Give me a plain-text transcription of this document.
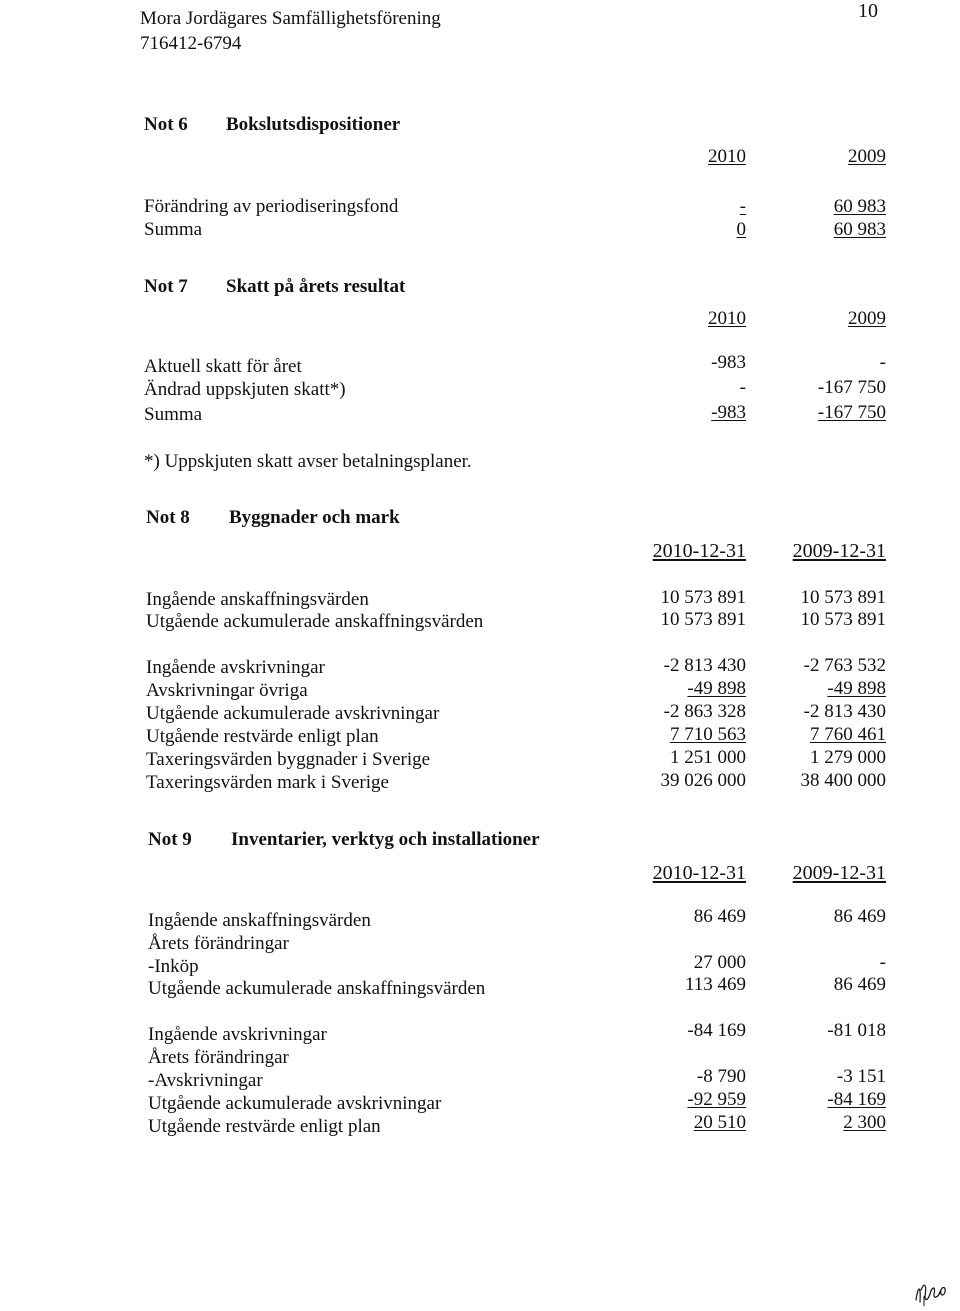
Mora Jordägares Samfällighetsförening
716412-6794
10
Not 6 Bokslutsdispositioner
2010	2009
Förändring av periodiseringsfond	-	60 983
Summa	0	60 983
Not 7 Skatt på årets resultat
2010	2009
Aktuell skatt för året	-983	-
Ändrad uppskjuten skatt*)	-	-167 750
Summa	-983	-167 750
*) Uppskjuten skatt avser betalningsplaner.
Not 8 Byggnader och mark
2010-12-31 2009-12-31
Ingående anskaffningsvärden	10 573 891	10 573 891
Utgående ackumulerade anskaffningsvärden	10 573 891	10 573 891
Ingående avskrivningar	-2 813 430	-2 763 532
Avskrivningar övriga	-49 898	-49 898
Utgående ackumulerade avskrivningar	-2 863 328	-2 813 430
Utgående restvärde enligt plan	7 710 563	7 760 461
Taxeringsvärden byggnader i Sverige	1 251 000	1 279 000
Taxeringsvärden mark i Sverige	39 026 000	38 400 000
Not 9 Inventarier, verktyg och installationer
2010-12-31 2009-12-31
Ingående anskaffningsvärden	86 469	86 469
Årets förändringar
-Inköp	27 000	-
Utgående ackumulerade anskaffningsvärden	113 469	86 469
Ingående avskrivningar	-84 169	-81 018
Årets förändringar
-Avskrivningar	-8 790	-3 151
Utgående ackumulerade avskrivningar	-92 959	-84 169
Utgående restvärde enligt plan	20 510	2 300
